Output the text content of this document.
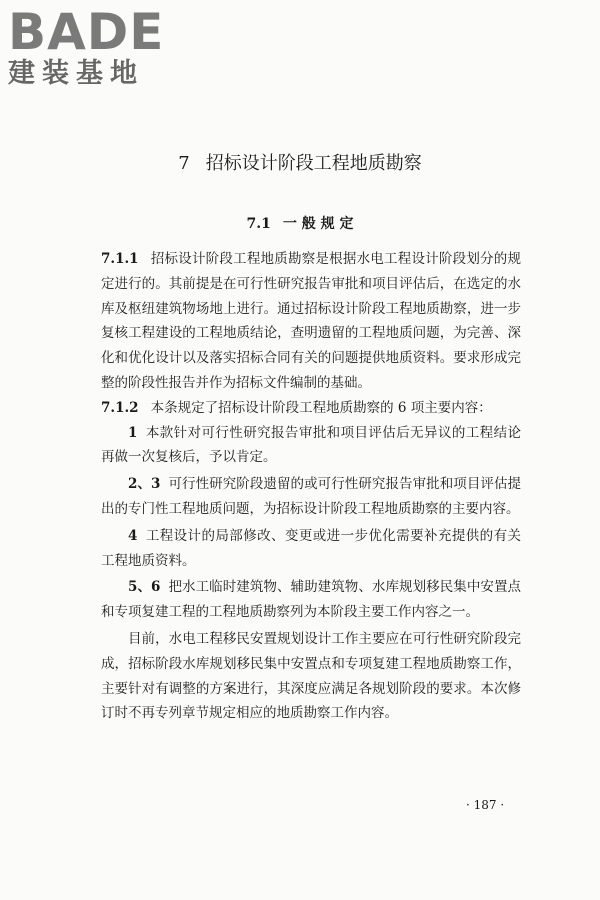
BADE
建装基地
7 招标设计阶段工程地质勘察
7.1 一 般 规 定

7.1.1 招标设计阶段工程地质勘察是根据水电工程设计阶段划分的规定进行的。其前提是在可行性研究报告审批和项目评估后，在选定的水库及枢纽建筑物场地上进行。通过招标设计阶段工程地质勘察，进一步复核工程建设的工程地质结论，查明遗留的工程地质问题，为完善、深化和优化设计以及落实招标合同有关的问题提供地质资料。要求形成完整的阶段性报告并作为招标文件编制的基础。

7.1.2 本条规定了招标设计阶段工程地质勘察的 6 项主要内容：

1 本款针对可行性研究报告审批和项目评估后无异议的工程结论再做一次复核后，予以肯定。

2、3 可行性研究阶段遗留的或可行性研究报告审批和项目评估提出的专门性工程地质问题，为招标设计阶段工程地质勘察的主要内容。

4 工程设计的局部修改、变更或进一步优化需要补充提供的有关工程地质资料。

5、6 把水工临时建筑物、辅助建筑物、水库规划移民集中安置点和专项复建工程的工程地质勘察列为本阶段主要工作内容之一。

目前，水电工程移民安置规划设计工作主要应在可行性研究阶段完成，招标阶段水库规划移民集中安置点和专项复建工程地质勘察工作，主要针对有调整的方案进行，其深度应满足各规划阶段的要求。本次修订时不再专列章节规定相应的地质勘察工作内容。

· 187 ·
